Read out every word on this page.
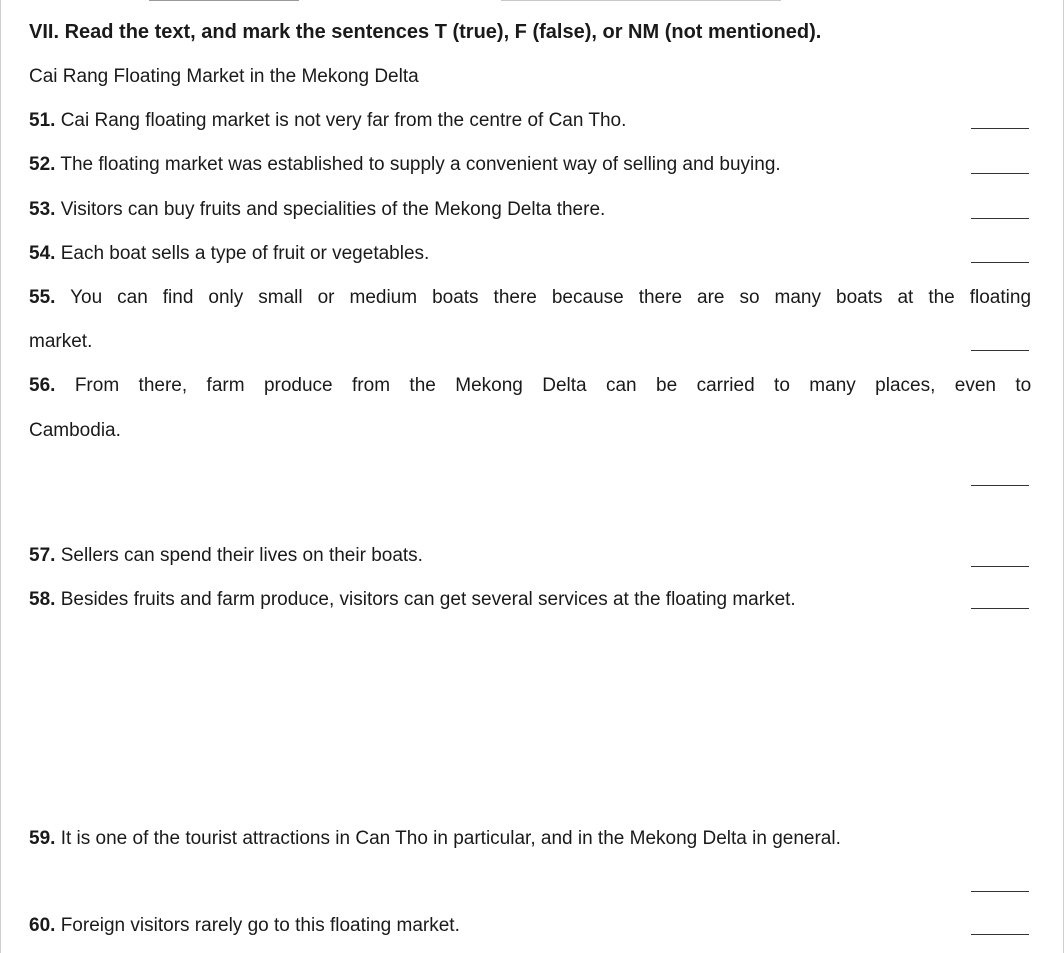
VII. Read the text, and mark the sentences T (true), F (false), or NM (not mentioned).
Cai Rang Floating Market in the Mekong Delta
51. Cai Rang floating market is not very far from the centre of Can Tho.
52. The floating market was established to supply a convenient way of selling and buying.
53. Visitors can buy fruits and specialities of the Mekong Delta there.
54. Each boat sells a type of fruit or vegetables.
55. You can find only small or medium boats there because there are so many boats at the floating
market.
56. From there, farm produce from the Mekong Delta can be carried to many places, even to
Cambodia.
57. Sellers can spend their lives on their boats.
58. Besides fruits and farm produce, visitors can get several services at the floating market.
59. It is one of the tourist attractions in Can Tho in particular, and in the Mekong Delta in general.
60. Foreign visitors rarely go to this floating market.
